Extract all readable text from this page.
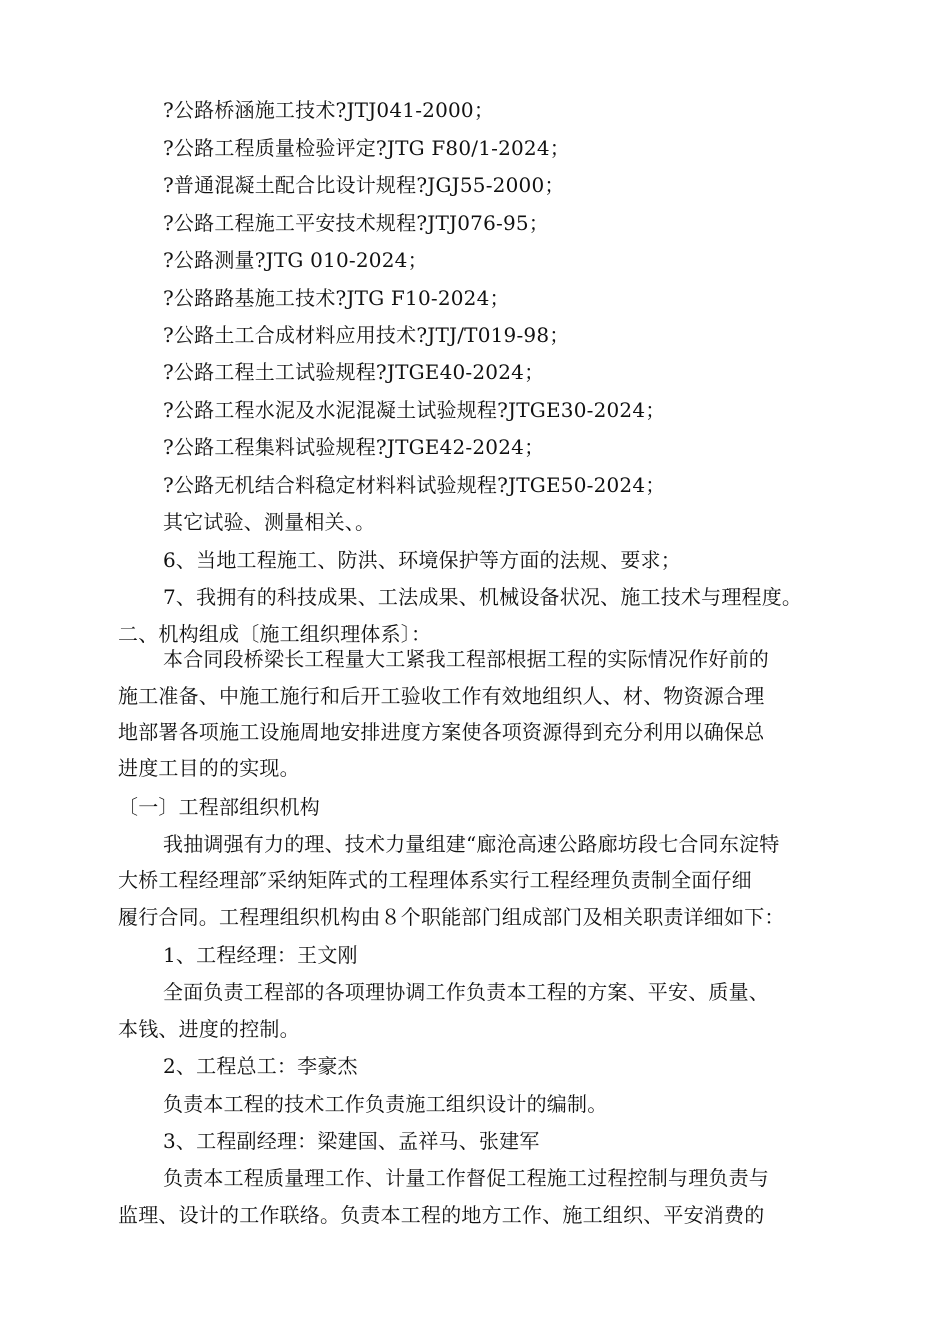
?公路桥涵施工技术?JTJ041-2000；
?公路工程质量检验评定?JTG F80/1-2024；
?普通混凝土配合比设计规程?JGJ55-2000；
?公路工程施工平安技术规程?JTJ076-95；
?公路测量?JTG 010-2024；
?公路路基施工技术?JTG F10-2024；
?公路土工合成材料应用技术?JTJ/T019-98；
?公路工程土工试验规程?JTGE40-2024；
?公路工程水泥及水泥混凝土试验规程?JTGE30-2024；
?公路工程集料试验规程?JTGE42-2024；
?公路无机结合料稳定材料料试验规程?JTGE50-2024；
其它试验、测量相关、。
6、当地工程施工、防洪、环境保护等方面的法规、要求；
7、我拥有的科技成果、工法成果、机械设备状况、施工技术与理程度。
二、机构组成〔施工组织理体系〕：
本合同段桥梁长工程量大工紧我工程部根据工程的实际情况作好前的
施工准备、中施工施行和后开工验收工作有效地组织人、材、物资源合理
地部署各项施工设施周地安排进度方案使各项资源得到充分利用以确保总
进度工目的的实现。
〔一〕工程部组织机构
我抽调强有力的理、技术力量组建“廊沧高速公路廊坊段七合同东淀特
大桥工程经理部″采纳矩阵式的工程理体系实行工程经理负责制全面仔细
履行合同。工程理组织机构由８个职能部门组成部门及相关职责详细如下：
1、工程经理：王文刚
全面负责工程部的各项理协调工作负责本工程的方案、平安、质量、
本钱、进度的控制。
2、工程总工：李豪杰
负责本工程的技术工作负责施工组织设计的编制。
3、工程副经理：梁建国、孟祥马、张建军
负责本工程质量理工作、计量工作督促工程施工过程控制与理负责与
监理、设计的工作联络。负责本工程的地方工作、施工组织、平安消费的
